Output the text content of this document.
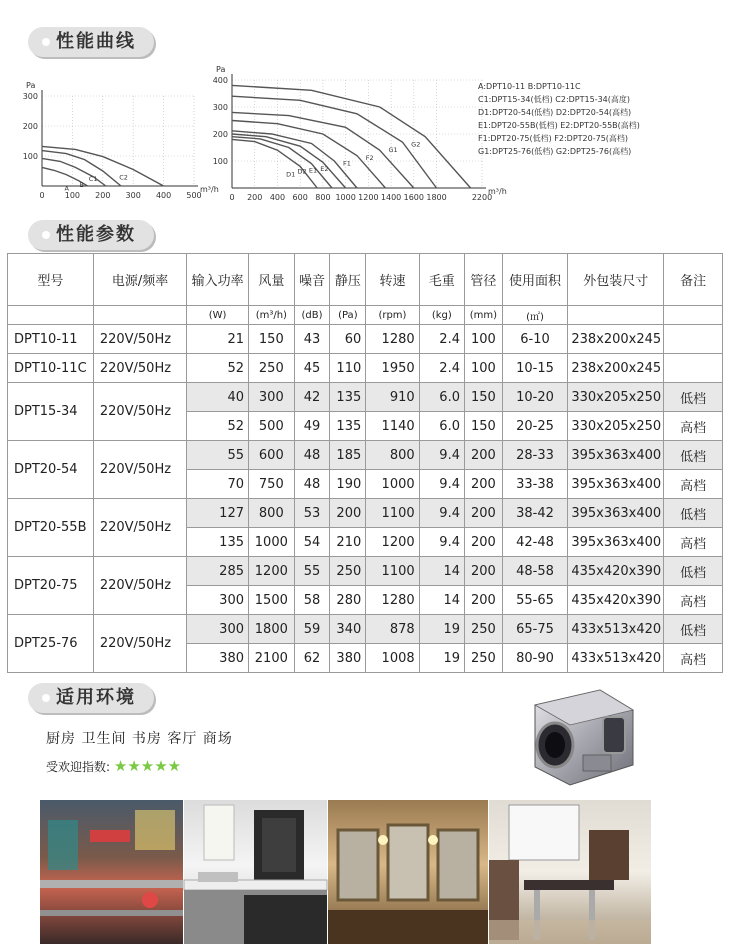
性能曲线
100
200
300
0	100 200 300 400 500
Pa
m³/h
A B
C1	C2
100
200
300
400
0 200 400 600 800 1000 1200 1400 1600 1800	2200
Pa
m³/h
D1 D2 E1 E2
F1
F2
G1
G2
A:DPT10-11 B:DPT10-11C
C1:DPT15-34(低档) C2:DPT15-34(高度)
D1:DPT20-54(低档) D2:DPT20-54(高档)
E1:DPT20-55B(低档) E2:DPT20-55B(高档)
F1:DPT20-75(低档) F2:DPT20-75(高档)
G1:DPT25-76(低档) G2:DPT25-76(高档)
性能参数
型号	电源/频率	输入功率	风量	噪音	静压	转速	毛重	管径	使用面积	外包装尺寸	备注
		(W)	(m³/h)	(dB)	(Pa)	(rpm)	(kg)	(mm)	(㎡)		
DPT10-11	220V/50Hz	21	150	43	60	1280	2.4	100	6-10	238x200x245	
DPT10-11C	220V/50Hz	52	250	45	110	1950	2.4	100	10-15	238x200x245	
DPT15-34	220V/50Hz	40	300	42	135	910	6.0	150	10-20	330x205x250	低档
		52	500	49	135	1140	6.0	150	20-25	330x205x250	高档
DPT20-54	220V/50Hz	55	600	48	185	800	9.4	200	28-33	395x363x400	低档
		70	750	48	190	1000	9.4	200	33-38	395x363x400	高档
DPT20-55B	220V/50Hz	127	800	53	200	1100	9.4	200	38-42	395x363x400	低档
		135	1000	54	210	1200	9.4	200	42-48	395x363x400	高档
DPT20-75	220V/50Hz	285	1200	55	250	1100	14	200	48-58	435x420x390	低档
		300	1500	58	280	1280	14	200	55-65	435x420x390	高档
DPT25-76	220V/50Hz	300	1800	59	340	878	19	250	65-75	433x513x420	低档
		380	2100	62	380	1008	19	250	80-90	433x513x420	高档
适用环境
厨房 卫生间 书房 客厅 商场
受欢迎指数: ★★★★★
